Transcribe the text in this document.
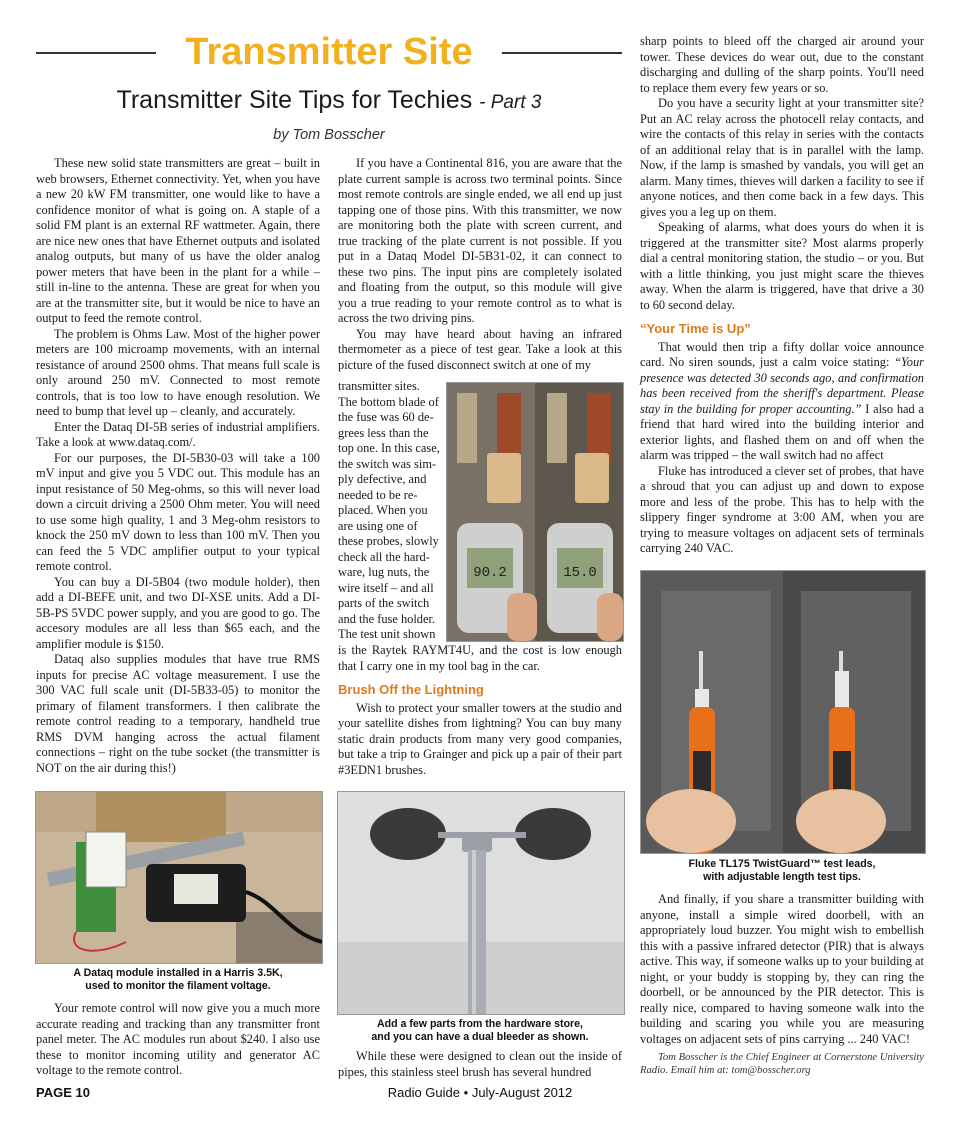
Transmitter Site
Transmitter Site Tips for Techies - Part 3
by Tom Bosscher

These new solid state transmitters are great – built in web browsers, Ethernet connectivity. Yet, when you have a new 20 kW FM transmitter, one would like to have a confidence monitor of what is going on. A staple of a solid FM plant is an external RF wattmeter. Again, there are nice new ones that have Ethernet outputs and isolated analog outputs, but many of us have the older analog power meters that have been in the plant for a while – still in-line to the antenna. These are great for when you are at the transmitter site, but it would be nice to have an output to feed the remote control.

The problem is Ohms Law. Most of the higher power meters are 100 microamp movements, with an internal resistance of around 2500 ohms. That means full scale is only around 250 mV. Connected to most remote controls, that is too low to have enough resolution. We need to bump that level up – cleanly, and accurately.

Enter the Dataq DI-5B series of industrial amplifiers. Take a look at www.dataq.com/.

For our purposes, the DI-5B30-03 will take a 100 mV input and give you 5 VDC out. This module has an input resistance of 50 Meg-ohms, so this will never load down a circuit driving a 2500 Ohm meter. You will need to use some high quality, 1 and 3 Meg-ohm resistors to knock the 250 mV down to less than 100 mV. Then you can feed the 5 VDC amplifier output to your typical remote control.

You can buy a DI-5B04 (two module holder), then add a DI-BEFE unit, and two DI-XSE units. Add a DI-5B-PS 5VDC power supply, and you are good to go. The accesory modules are all less than $65 each, and the amplifier module is $150.

Dataq also supplies modules that have true RMS inputs for precise AC voltage measurement. I use the 300 VAC full scale unit (DI-5B33-05) to monitor the primary of filament transformers. I then calibrate the remote control reading to a temporary, handheld true RMS DVM hanging across the actual filament connections – right on the tube socket (the transmitter is NOT on the air during this!)

A Dataq module installed in a Harris 3.5K,
used to monitor the filament voltage.

Your remote control will now give you a much more accurate reading and tracking than any transmitter front panel meter. The AC modules run about $240. I also use these to monitor incoming utility and generator AC voltage to the remote control.

If you have a Continental 816, you are aware that the plate current sample is across two terminal points. Since most remote controls are single ended, we all end up just tapping one of those pins. With this transmitter, we now are monitoring both the plate with screen current, and true tracking of the plate current is not possible. If you put in a Dataq Model DI-5B31-02, it can connect to these two pins. The input pins are completely isolated and floating from the output, so this module will give you a true reading to your remote control as to what is across the two driving pins.

You may have heard about having an infrared thermometer as a piece of test gear. Take a look at this picture of the fused disconnect switch at one of my

transmitter sites.
The bottom blade of
the fuse was 60 de-
grees less than the
top one. In this case,
the switch was sim-
ply defective, and
needed to be re-
placed. When you
are using one of
these probes, slowly
check all the hard-
ware, lug nuts, the
wire itself – and all
parts of the switch
and the fuse holder.
The test unit shown
90.2	15.0

is the Raytek RAYMT4U, and the cost is low enough that I carry one in my tool bag in the car.

Brush Off the Lightning

Wish to protect your smaller towers at the studio and your satellite dishes from lightning? You can buy many static drain products from many very good companies, but take a trip to Grainger and pick up a pair of their part #3EDN1 brushes.

Add a few parts from the hardware store,
and you can have a dual bleeder as shown.

While these were designed to clean out the inside of pipes, this stainless steel brush has several hundred

sharp points to bleed off the charged air around your tower. These devices do wear out, due to the constant discharging and dulling of the sharp points. You'll need to replace them every few years or so.

Do you have a security light at your transmitter site? Put an AC relay across the photocell relay contacts, and wire the contacts of this relay in series with the contacts of an additional relay that is in parallel with the lamp. Now, if the lamp is smashed by vandals, you will get an alarm. Many times, thieves will darken a facility to see if anyone notices, and then come back in a few days. This gives you a leg up on them.

Speaking of alarms, what does yours do when it is triggered at the transmitter site? Most alarms properly dial a central monitoring station, the studio – or you. But with a little thinking, you just might scare the thieves away. When the alarm is triggered, have that drive a 30 to 60 second delay.

“Your Time is Up”

That would then trip a fifty dollar voice announce card. No siren sounds, just a calm voice stating: “Your presence was detected 30 seconds ago, and confirmation has been received from the sheriff's department. Please stay in the building for proper accounting.” I also had a friend that hard wired into the building interior and exterior lights, and flashed them on and off when the alarm was tripped – the wall switch had no affect

Fluke has introduced a clever set of probes, that have a shroud that you can adjust up and down to expose more and less of the probe. This has to help with the slippery finger syndrome at 3:00 AM, when you are trying to measure voltages on adjacent sets of terminals carrying 240 VAC.

Fluke TL175 TwistGuard™ test leads,
with adjustable length test tips.

And finally, if you share a transmitter building with anyone, install a simple wired doorbell, with an appropriately loud buzzer. You might wish to embellish this with a passive infrared detector (PIR) that is always active. This way, if someone walks up to your building at night, or your buddy is stopping by, they can ring the doorbell, or be announced by the PIR detector. This is really nice, compared to having someone walk into the building and scaring you while you are measuring voltages on adjacent sets of pins carrying ... 240 VAC!

Tom Bosscher is the Chief Engineer at Cornerstone University Radio. Email him at: tom@bosscher.org

PAGE 10	Radio Guide • July-August 2012
